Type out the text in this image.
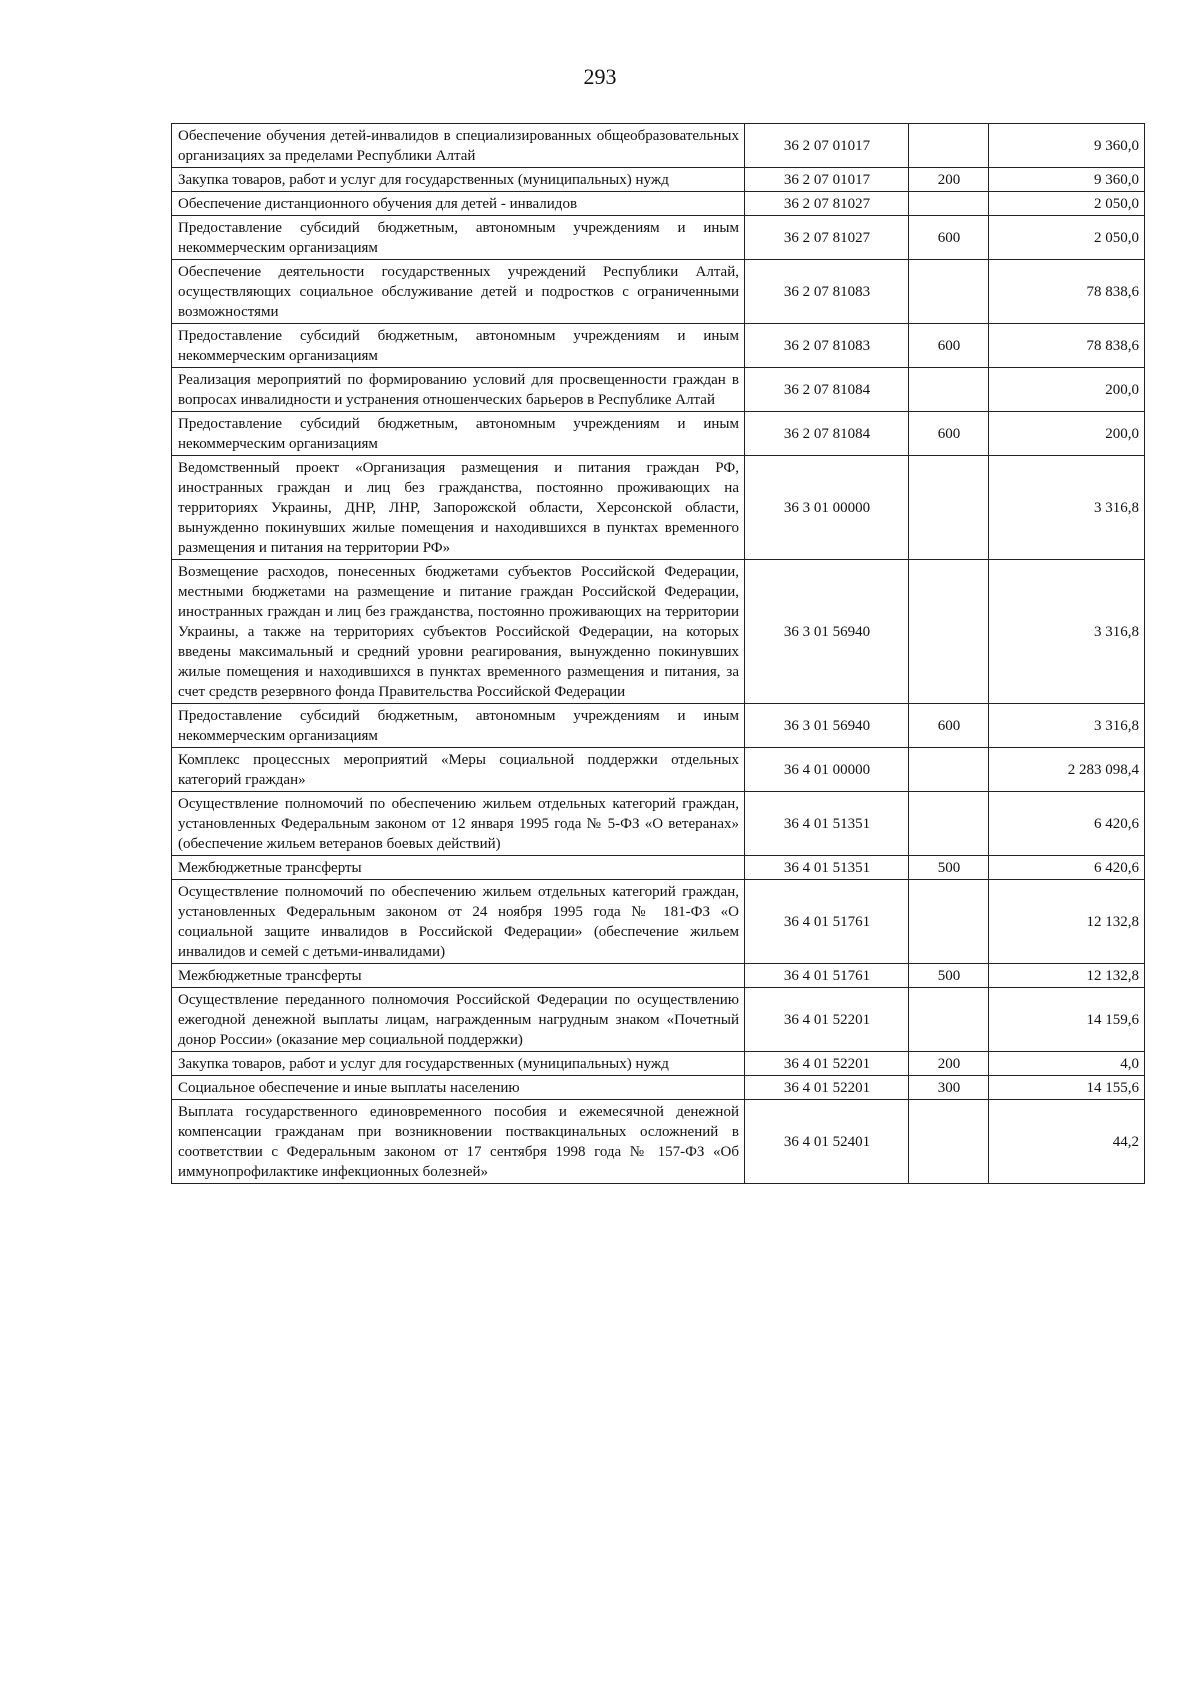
293
Обеспечение обучения детей-инвалидов в специализированных общеобразовательных организациях за пределами Республики Алтай	36 2 07 01017		9 360,0
Закупка товаров, работ и услуг для государственных (муниципальных) нужд	36 2 07 01017	200	9 360,0
Обеспечение дистанционного обучения для детей - инвалидов	36 2 07 81027		2 050,0
Предоставление субсидий бюджетным, автономным учреждениям и иным некоммерческим организациям	36 2 07 81027	600	2 050,0
Обеспечение деятельности государственных учреждений Республики Алтай, осуществляющих социальное обслуживание детей и подростков с ограниченными возможностями	36 2 07 81083		78 838,6
Предоставление субсидий бюджетным, автономным учреждениям и иным некоммерческим организациям	36 2 07 81083	600	78 838,6
Реализация мероприятий по формированию условий для просвещенности граждан в вопросах инвалидности и устранения отношенческих барьеров в Республике Алтай	36 2 07 81084		200,0
Предоставление субсидий бюджетным, автономным учреждениям и иным некоммерческим организациям	36 2 07 81084	600	200,0
Ведомственный проект «Организация размещения и питания граждан РФ, иностранных граждан и лиц без гражданства, постоянно проживающих на территориях Украины, ДНР, ЛНР, Запорожской области, Херсонской области, вынужденно покинувших жилые помещения и находившихся в пунктах временного размещения и питания на территории РФ»	36 3 01 00000		3 316,8
Возмещение расходов, понесенных бюджетами субъектов Российской Федерации, местными бюджетами на размещение и питание граждан Российской Федерации, иностранных граждан и лиц без гражданства, постоянно проживающих на территории Украины, а также на территориях субъектов Российской Федерации, на которых введены максимальный и средний уровни реагирования, вынужденно покинувших жилые помещения и находившихся в пунктах временного размещения и питания, за счет средств резервного фонда Правительства Российской Федерации	36 3 01 56940		3 316,8
Предоставление субсидий бюджетным, автономным учреждениям и иным некоммерческим организациям	36 3 01 56940	600	3 316,8
Комплекс процессных мероприятий «Меры социальной поддержки отдельных категорий граждан»	36 4 01 00000		2 283 098,4
Осуществление полномочий по обеспечению жильем отдельных категорий граждан, установленных Федеральным законом от 12 января 1995 года № 5-ФЗ «О ветеранах» (обеспечение жильем ветеранов боевых действий)	36 4 01 51351		6 420,6
Межбюджетные трансферты	36 4 01 51351	500	6 420,6
Осуществление полномочий по обеспечению жильем отдельных категорий граждан, установленных Федеральным законом от 24 ноября 1995 года № 181-ФЗ «О социальной защите инвалидов в Российской Федерации» (обеспечение жильем инвалидов и семей с детьми-инвалидами)	36 4 01 51761		12 132,8
Межбюджетные трансферты	36 4 01 51761	500	12 132,8
Осуществление переданного полномочия Российской Федерации по осуществлению ежегодной денежной выплаты лицам, награжденным нагрудным знаком «Почетный донор России» (оказание мер социальной поддержки)	36 4 01 52201		14 159,6
Закупка товаров, работ и услуг для государственных (муниципальных) нужд	36 4 01 52201	200	4,0
Социальное обеспечение и иные выплаты населению	36 4 01 52201	300	14 155,6
Выплата государственного единовременного пособия и ежемесячной денежной компенсации гражданам при возникновении поствакцинальных осложнений в соответствии с Федеральным законом от 17 сентября 1998 года № 157-ФЗ «Об иммунопрофилактике инфекционных болезней»	36 4 01 52401		44,2
